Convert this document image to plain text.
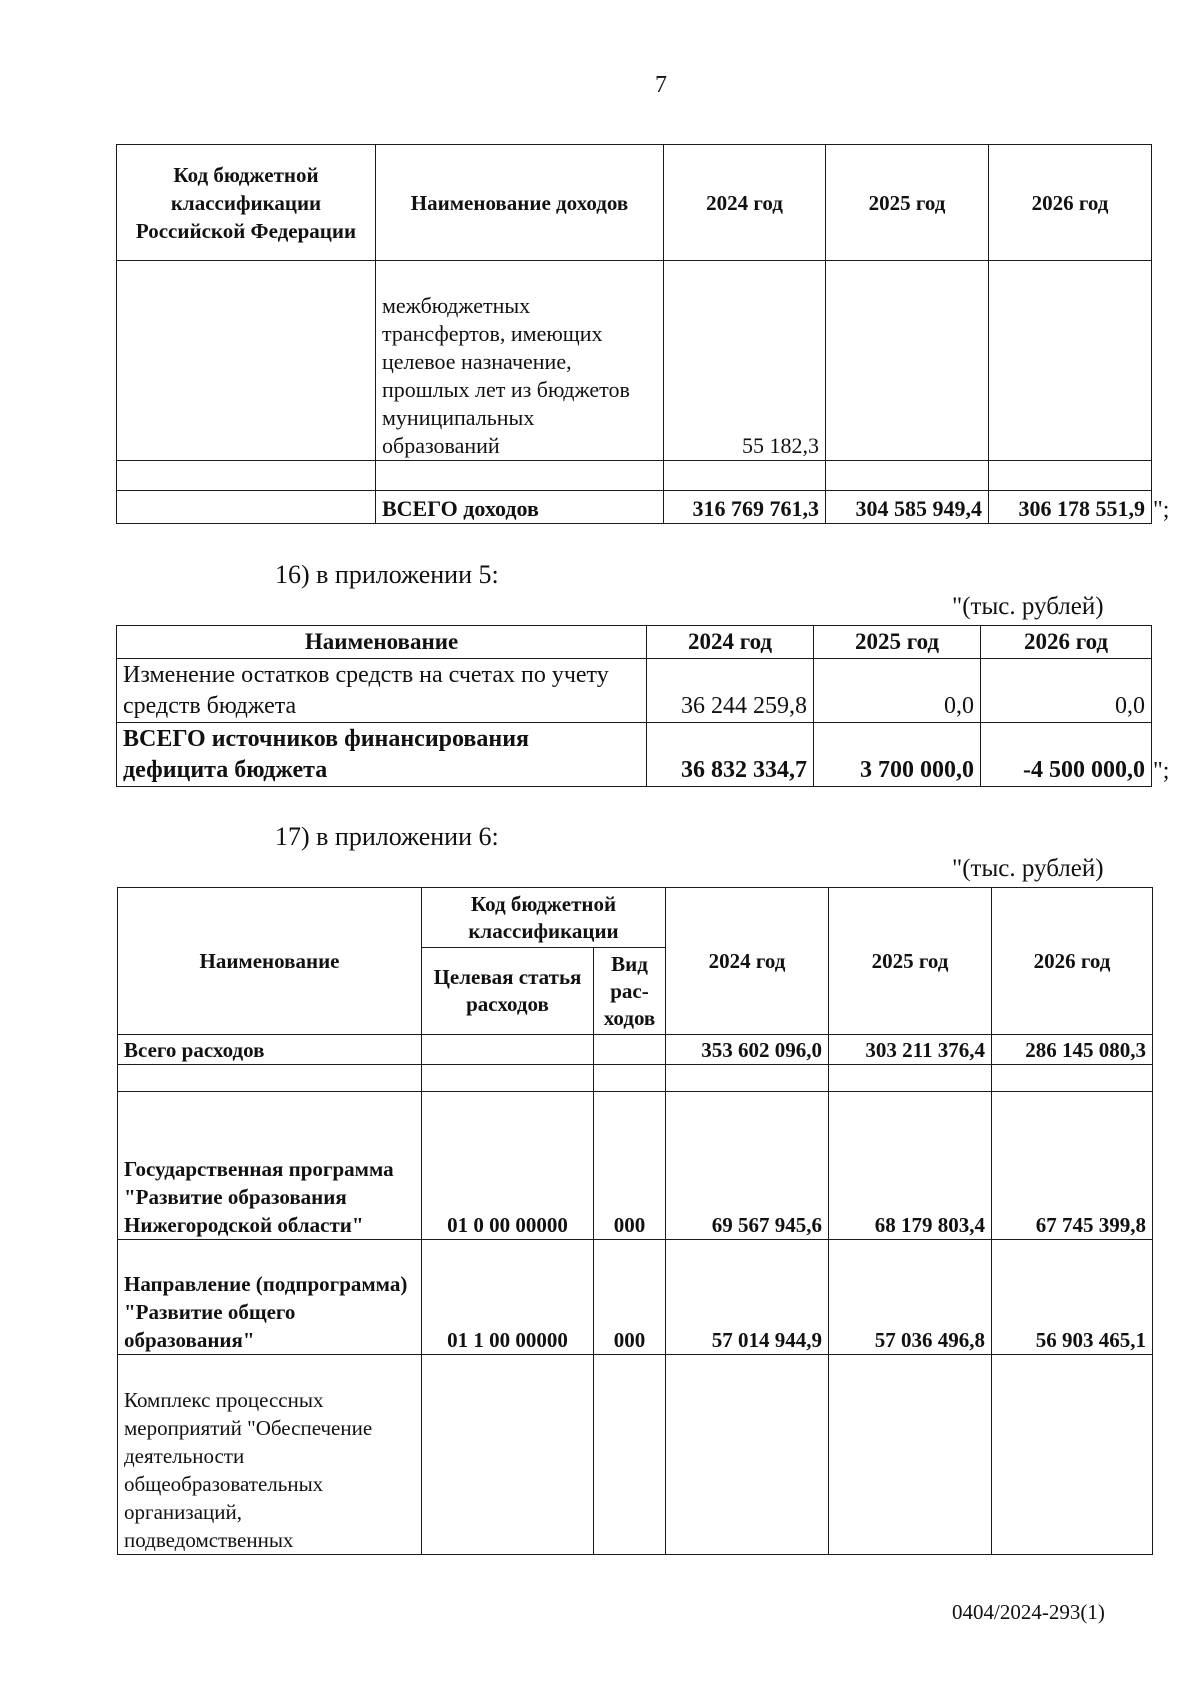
7
Код бюджетной классификации Российской Федерации	Наименование доходов	2024 год	2025 год	2026 год
	межбюджетных трансфертов, имеющих целевое назначение, прошлых лет из бюджетов муниципальных образований	55 182,3		

	ВСЕГО доходов	316 769 761,3	304 585 949,4	306 178 551,9 ";
16) в приложении 5:
"(тыс. рублей)
Наименование	2024 год	2025 год	2026 год
Изменение остатков средств на счетах по учету средств бюджета	36 244 259,8	0,0	0,0
ВСЕГО источников финансирования дефицита бюджета	36 832 334,7	3 700 000,0	-4 500 000,0 ";
17) в приложении 6:
"(тыс. рублей)
Наименование	Код бюджетной классификации		2024 год	2025 год	2026 год
	Целевая статья расходов	Вид рас-ходов			
Всего расходов			353 602 096,0	303 211 376,4	286 145 080,3

Государственная программа "Развитие образования Нижегородской области"	01 0 00 00000	000	69 567 945,6	68 179 803,4	67 745 399,8
Направление (подпрограмма) "Развитие общего образования"	01 1 00 00000	000	57 014 944,9	57 036 496,8	56 903 465,1
Комплекс процессных мероприятий "Обеспечение деятельности общеобразовательных организаций, подведомственных					
0404/2024-293(1)
